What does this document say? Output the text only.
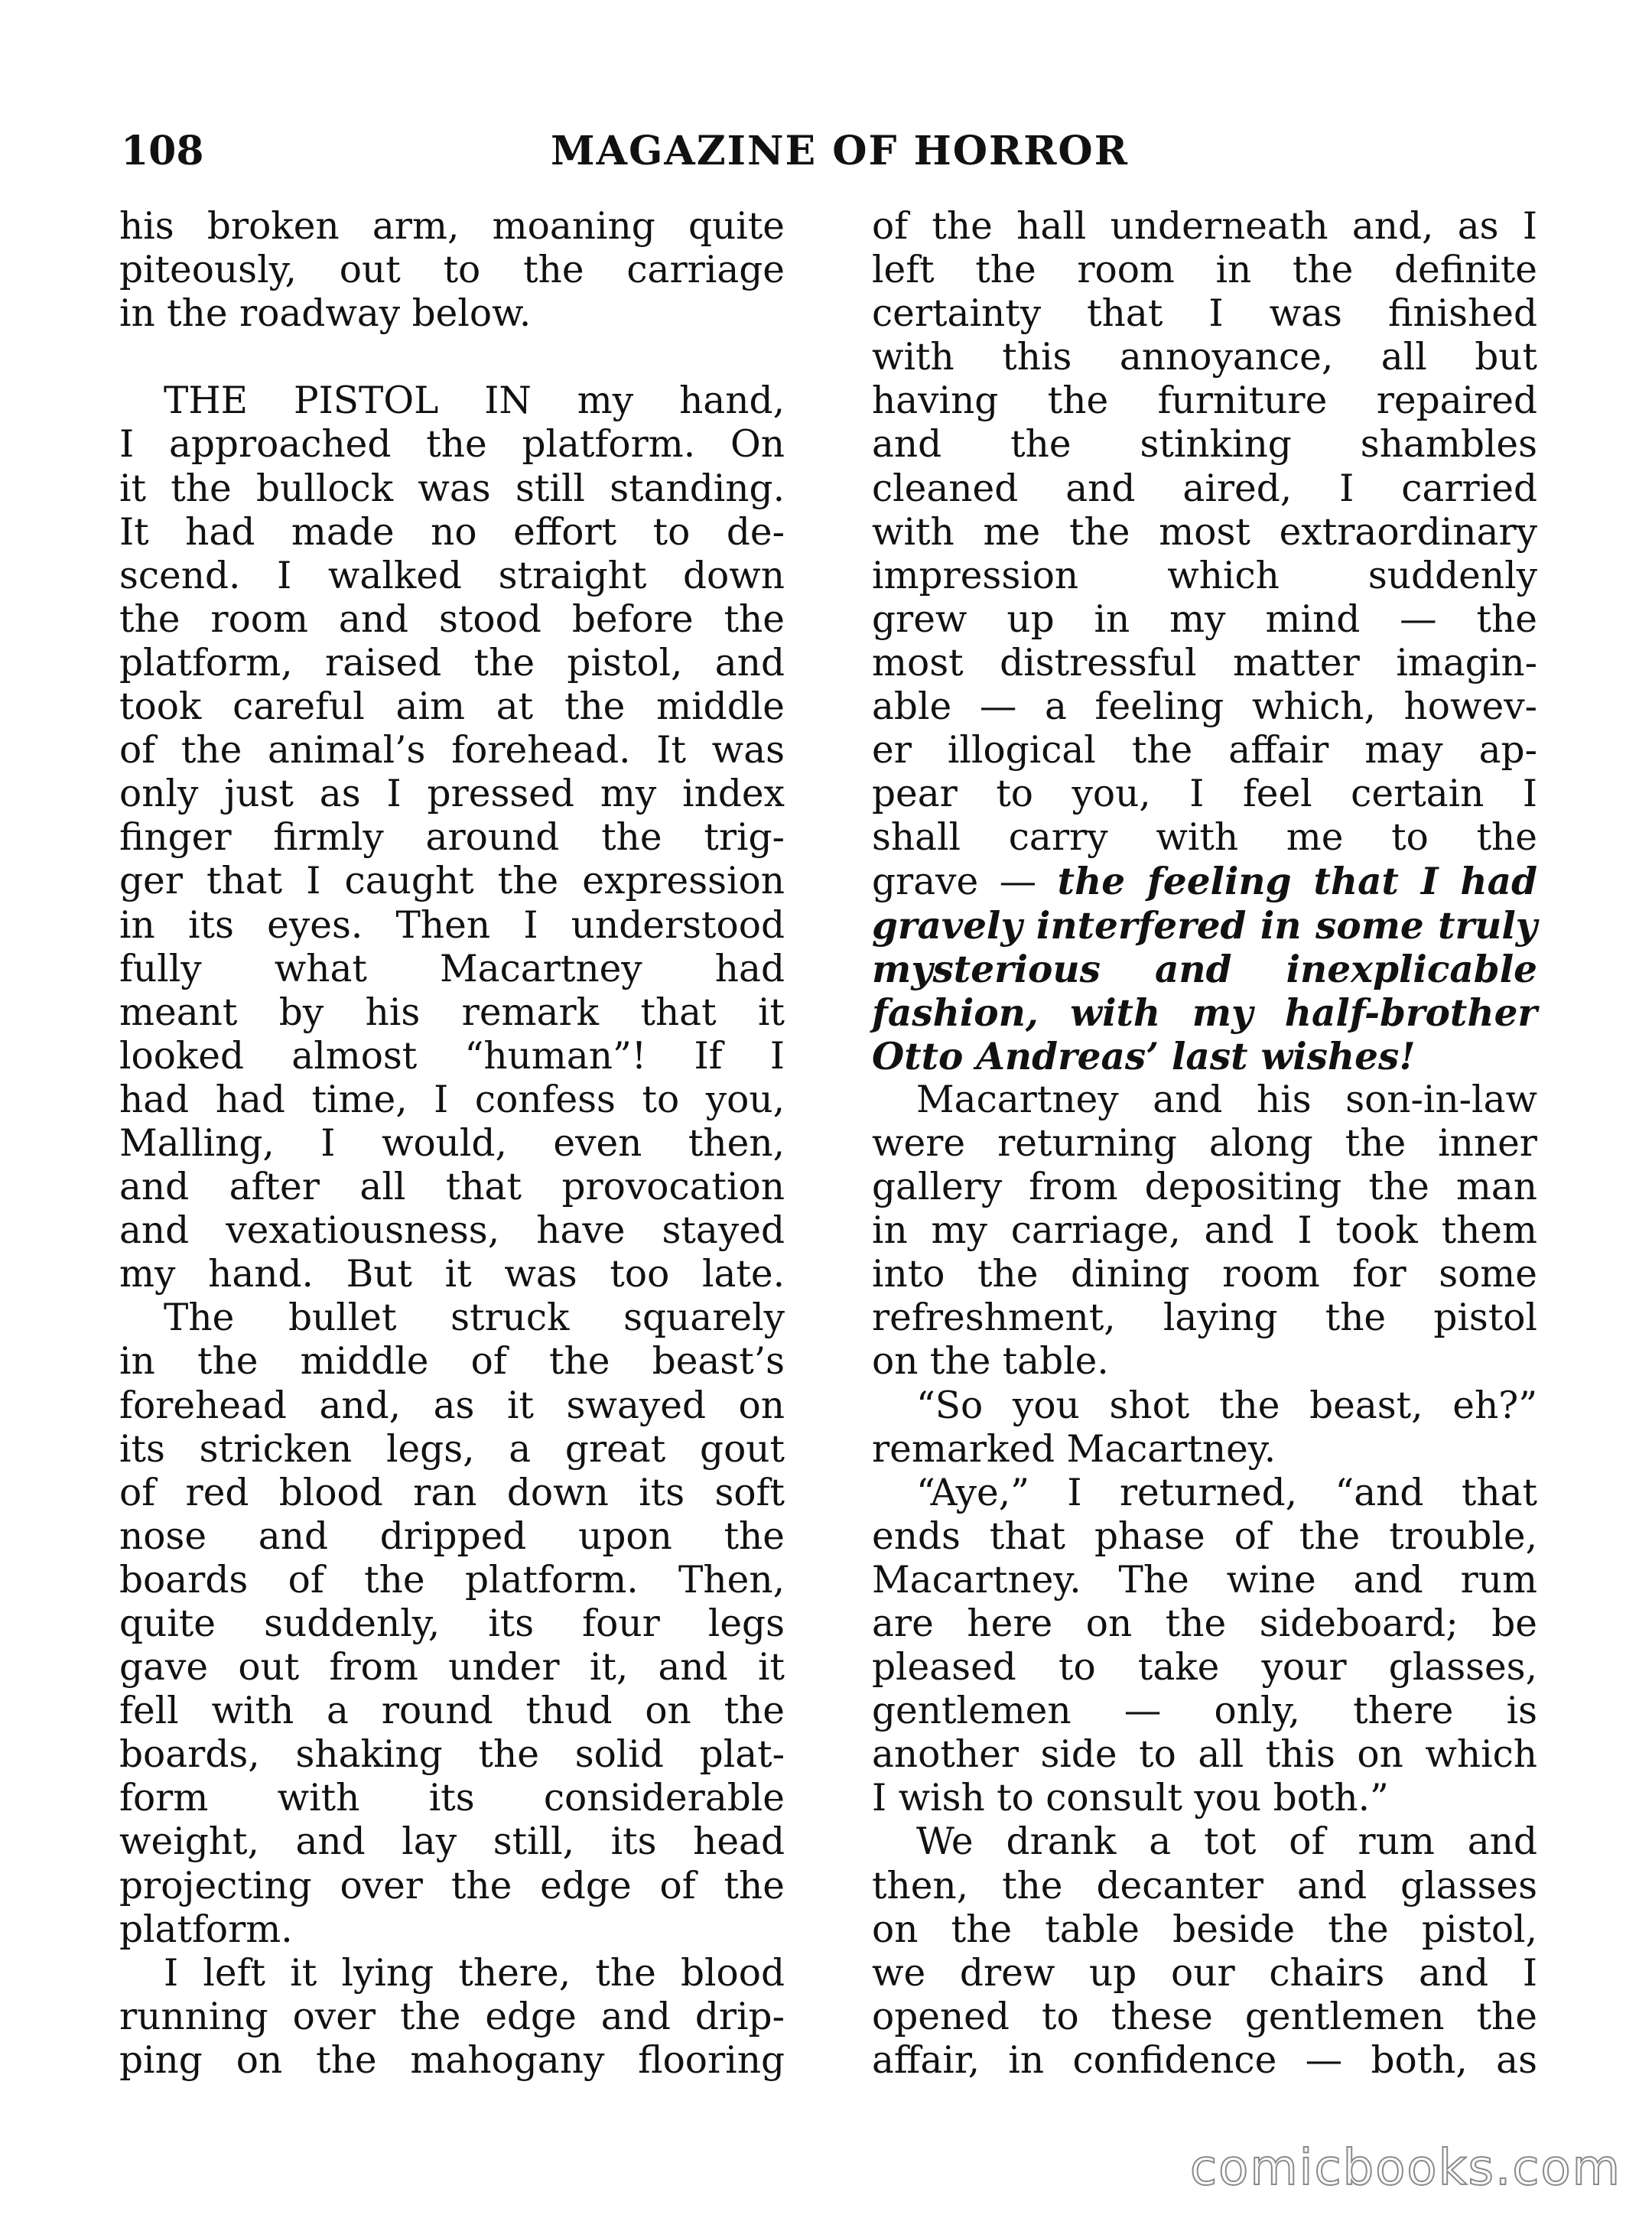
108	MAGAZINE OF HORROR
his broken arm, moaning quite
piteously, out to the carriage
in the roadway below.
THE PISTOL IN my hand,
I approached the platform. On
it the bullock was still standing.
It had made no effort to de-
scend. I walked straight down
the room and stood before the
platform, raised the pistol, and
took careful aim at the middle
of the animal’s forehead. It was
only just as I pressed my index
finger firmly around the trig-
ger that I caught the expression
in its eyes. Then I understood
fully what Macartney had
meant by his remark that it
looked almost “human”! If I
had had time, I confess to you,
Malling, I would, even then,
and after all that provocation
and vexatiousness, have stayed
my hand. But it was too late.
The bullet struck squarely
in the middle of the beast’s
forehead and, as it swayed on
its stricken legs, a great gout
of red blood ran down its soft
nose and dripped upon the
boards of the platform. Then,
quite suddenly, its four legs
gave out from under it, and it
fell with a round thud on the
boards, shaking the solid plat-
form with its considerable
weight, and lay still, its head
projecting over the edge of the
platform.
I left it lying there, the blood
running over the edge and drip-
ping on the mahogany flooring
of the hall underneath and, as I
left the room in the definite
certainty that I was finished
with this annoyance, all but
having the furniture repaired
and the stinking shambles
cleaned and aired, I carried
with me the most extraordinary
impression which suddenly
grew up in my mind — the
most distressful matter imagin-
able — a feeling which, howev-
er illogical the affair may ap-
pear to you, I feel certain I
shall carry with me to the
grave — the feeling that I had
gravely interfered in some truly
mysterious and inexplicable
fashion, with my half-brother
Otto Andreas’ last wishes!
Macartney and his son-in-law
were returning along the inner
gallery from depositing the man
in my carriage, and I took them
into the dining room for some
refreshment, laying the pistol
on the table.
“So you shot the beast, eh?”
remarked Macartney.
“Aye,” I returned, “and that
ends that phase of the trouble,
Macartney. The wine and rum
are here on the sideboard; be
pleased to take your glasses,
gentlemen — only, there is
another side to all this on which
I wish to consult you both.”
We drank a tot of rum and
then, the decanter and glasses
on the table beside the pistol,
we drew up our chairs and I
opened to these gentlemen the
affair, in confidence — both, as
comicbooks.com
